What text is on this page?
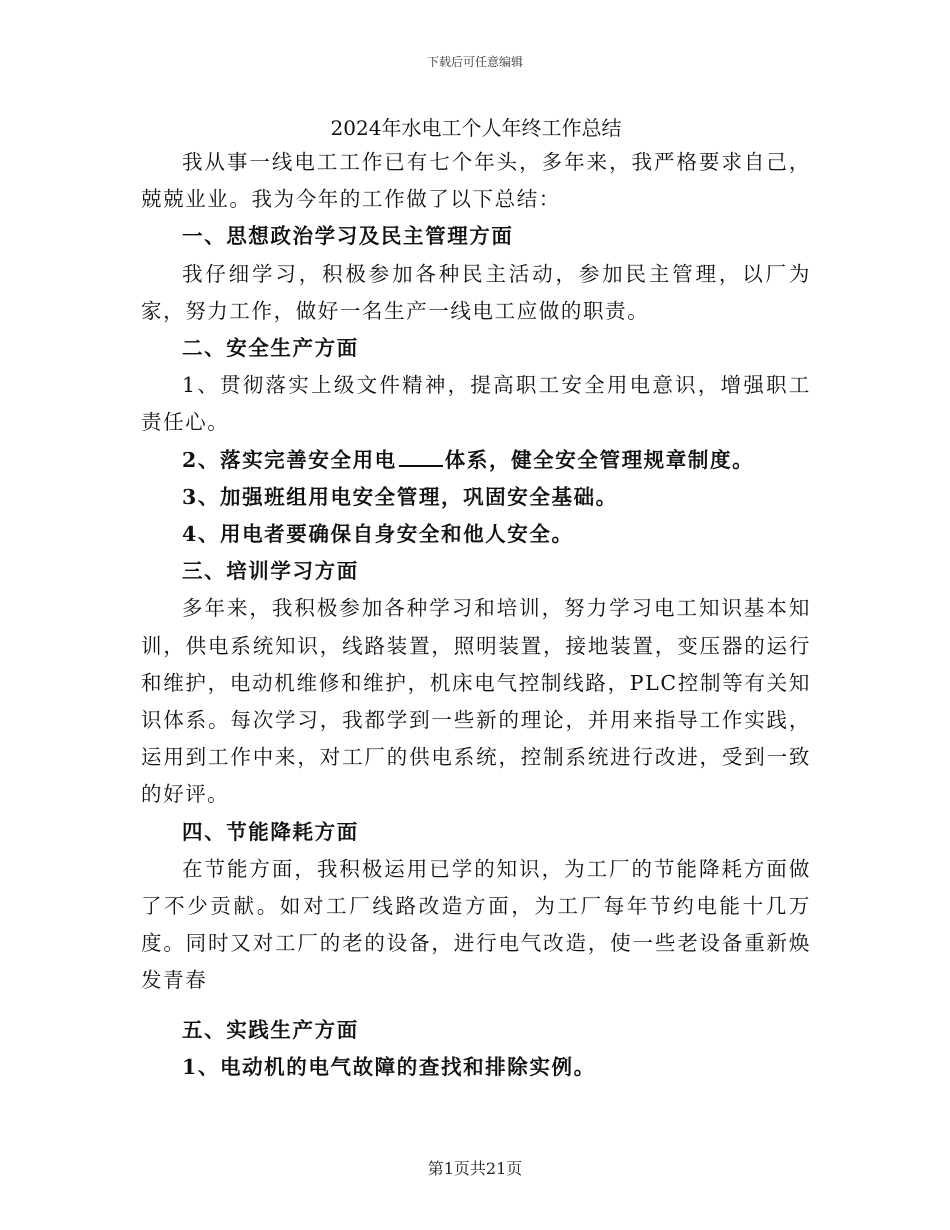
下载后可任意编辑
2024年水电工个人年终工作总结

我从事一线电工工作已有七个年头，多年来，我严格要求自己，兢兢业业。我为今年的工作做了以下总结：

一、思想政治学习及民主管理方面

我仔细学习，积极参加各种民主活动，参加民主管理，以厂为家，努力工作，做好一名生产一线电工应做的职责。

二、安全生产方面

1、贯彻落实上级文件精神，提高职工安全用电意识，增强职工责任心。

2、落实完善安全用电 体系，健全安全管理规章制度。

3、加强班组用电安全管理，巩固安全基础。

4、用电者要确保自身安全和他人安全。

三、培训学习方面

多年来，我积极参加各种学习和培训，努力学习电工知识基本知训，供电系统知识，线路装置，照明装置，接地装置，变压器的运行和维护，电动机维修和维护，机床电气控制线路，PLC控制等有关知识体系。每次学习，我都学到一些新的理论，并用来指导工作实践，运用到工作中来，对工厂的供电系统，控制系统进行改进，受到一致的好评。

四、节能降耗方面

在节能方面，我积极运用已学的知识，为工厂的节能降耗方面做了不少贡献。如对工厂线路改造方面，为工厂每年节约电能十几万度。同时又对工厂的老的设备，进行电气改造，使一些老设备重新焕发青春

五、实践生产方面

1、电动机的电气故障的查找和排除实例。

第1页共21页
